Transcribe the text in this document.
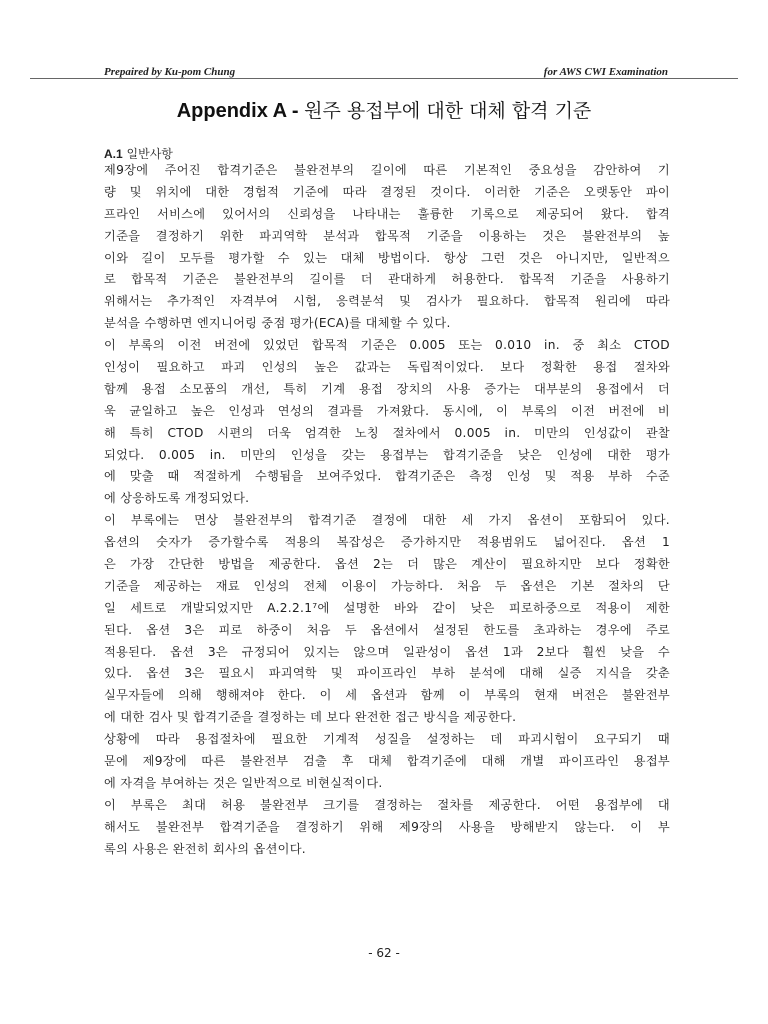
Prepaired by Ku-pom Chung	for AWS CWI Examination
Appendix A - 원주 용접부에 대한 대체 합격 기준
A.1 일반사항
제9장에 주어진 합격기준은 불완전부의 길이에 따른 기본적인 중요성을 감안하여 기
량 및 위치에 대한 경험적 기준에 따라 결정된 것이다. 이러한 기준은 오랫동안 파이
프라인 서비스에 있어서의 신뢰성을 나타내는 훌륭한 기록으로 제공되어 왔다. 합격
기준을 결정하기 위한 파괴역학 분석과 합목적 기준을 이용하는 것은 불완전부의 높
이와 길이 모두를 평가할 수 있는 대체 방법이다. 항상 그런 것은 아니지만, 일반적으
로 합목적 기준은 불완전부의 길이를 더 관대하게 허용한다. 합목적 기준을 사용하기
위해서는 추가적인 자격부여 시험, 응력분석 및 검사가 필요하다. 합목적 원리에 따라
분석을 수행하면 엔지니어링 중점 평가(ECA)를 대체할 수 있다.
이 부록의 이전 버전에 있었던 합목적 기준은 0.005 또는 0.010 in. 중 최소 CTOD
인성이 필요하고 파괴 인성의 높은 값과는 독립적이었다. 보다 정확한 용접 절차와
함께 용접 소모품의 개선, 특히 기계 용접 장치의 사용 증가는 대부분의 용접에서 더
욱 균일하고 높은 인성과 연성의 결과를 가져왔다. 동시에, 이 부록의 이전 버전에 비
해 특히 CTOD 시편의 더욱 엄격한 노칭 절차에서 0.005 in. 미만의 인성값이 관찰
되었다. 0.005 in. 미만의 인성을 갖는 용접부는 합격기준을 낮은 인성에 대한 평가
에 맞출 때 적절하게 수행됨을 보여주었다. 합격기준은 측정 인성 및 적용 부하 수준
에 상응하도록 개정되었다.
이 부록에는 면상 불완전부의 합격기준 결정에 대한 세 가지 옵션이 포함되어 있다.
옵션의 숫자가 증가할수록 적용의 복잡성은 증가하지만 적용범위도 넓어진다. 옵션 1
은 가장 간단한 방법을 제공한다. 옵션 2는 더 많은 계산이 필요하지만 보다 정확한
기준을 제공하는 재료 인성의 전체 이용이 가능하다. 처음 두 옵션은 기본 절차의 단
일 세트로 개발되었지만 A.2.2.1⁷에 설명한 바와 같이 낮은 피로하중으로 적용이 제한
된다. 옵션 3은 피로 하중이 처음 두 옵션에서 설정된 한도를 초과하는 경우에 주로
적용된다. 옵션 3은 규정되어 있지는 않으며 일관성이 옵션 1과 2보다 훨씬 낮을 수
있다. 옵션 3은 필요시 파괴역학 및 파이프라인 부하 분석에 대해 실증 지식을 갖춘
실무자들에 의해 행해져야 한다. 이 세 옵션과 함께 이 부록의 현재 버전은 불완전부
에 대한 검사 및 합격기준을 결정하는 데 보다 완전한 접근 방식을 제공한다.
상황에 따라 용접절차에 필요한 기계적 성질을 설정하는 데 파괴시험이 요구되기 때
문에 제9장에 따른 불완전부 검출 후 대체 합격기준에 대해 개별 파이프라인 용접부
에 자격을 부여하는 것은 일반적으로 비현실적이다.
이 부록은 최대 허용 불완전부 크기를 결정하는 절차를 제공한다. 어떤 용접부에 대
해서도 불완전부 합격기준을 결정하기 위해 제9장의 사용을 방해받지 않는다. 이 부
록의 사용은 완전히 회사의 옵션이다.
- 62 -
